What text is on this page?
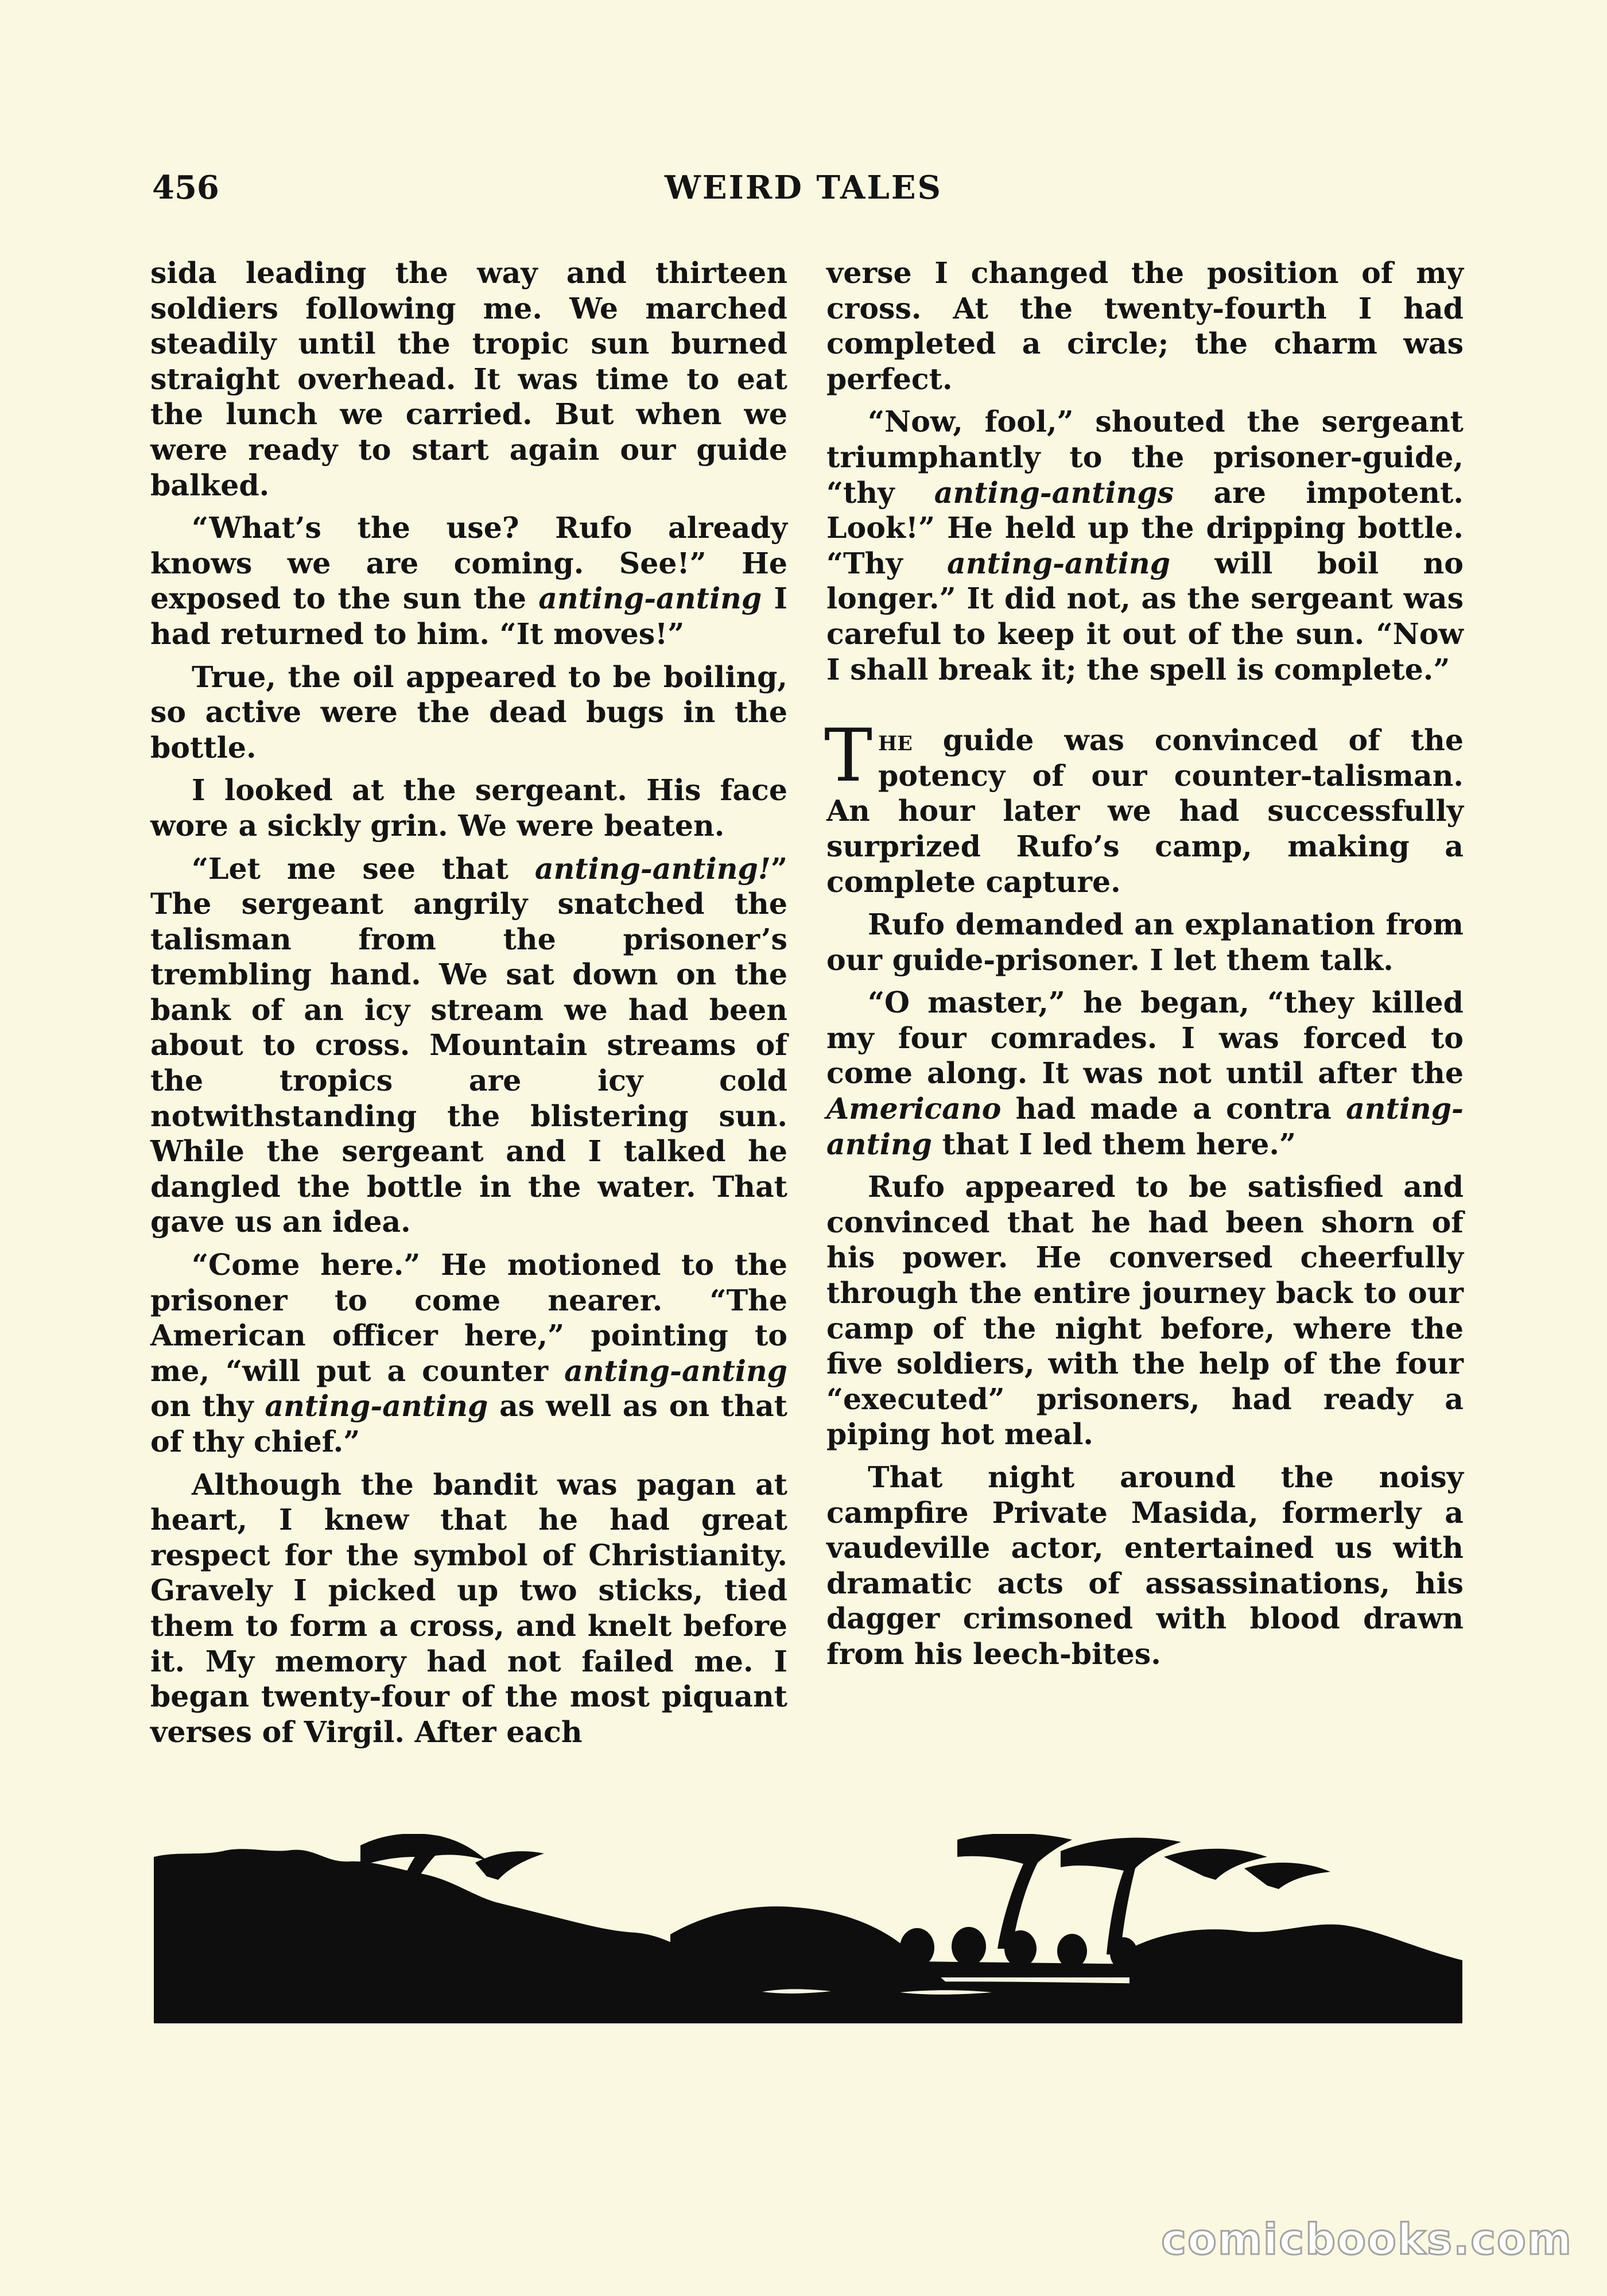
456	WEIRD TALES

sida leading the way and thirteen soldiers following me. We marched steadily until the tropic sun burned straight overhead. It was time to eat the lunch we carried. But when we were ready to start again our guide balked.

“What’s the use? Rufo already knows we are coming. See!” He exposed to the sun the anting-anting I had returned to him. “It moves!”

True, the oil appeared to be boiling, so active were the dead bugs in the bottle.

I looked at the sergeant. His face wore a sickly grin. We were beaten.

“Let me see that anting-anting!” The sergeant angrily snatched the talisman from the prisoner’s trembling hand. We sat down on the bank of an icy stream we had been about to cross. Mountain streams of the tropics are icy cold notwithstanding the blistering sun. While the sergeant and I talked he dangled the bottle in the water. That gave us an idea.

“Come here.” He motioned to the prisoner to come nearer. “The American officer here,” pointing to me, “will put a counter anting-anting on thy anting-anting as well as on that of thy chief.”

Although the bandit was pagan at heart, I knew that he had great respect for the symbol of Christianity. Gravely I picked up two sticks, tied them to form a cross, and knelt before it. My memory had not failed me. I began twenty-four of the most piquant verses of Virgil. After each

verse I changed the position of my cross. At the twenty-fourth I had completed a circle; the charm was perfect.

“Now, fool,” shouted the sergeant triumphantly to the prisoner-guide, “thy anting-antings are impotent. Look!” He held up the dripping bottle. “Thy anting-anting will boil no longer.” It did not, as the sergeant was careful to keep it out of the sun. “Now I shall break it; the spell is complete.”

The guide was convinced of the potency of our counter-talisman. An hour later we had successfully surprized Rufo’s camp, making a complete capture.

Rufo demanded an explanation from our guide-prisoner. I let them talk.

“O master,” he began, “they killed my four comrades. I was forced to come along. It was not until after the Americano had made a contra anting-anting that I led them here.”

Rufo appeared to be satisfied and convinced that he had been shorn of his power. He conversed cheerfully through the entire journey back to our camp of the night before, where the five soldiers, with the help of the four “executed” prisoners, had ready a piping hot meal.

That night around the noisy campfire Private Masida, formerly a vaudeville actor, entertained us with dramatic acts of assassinations, his dagger crimsoned with blood drawn from his leech-bites.

comicbooks.com
